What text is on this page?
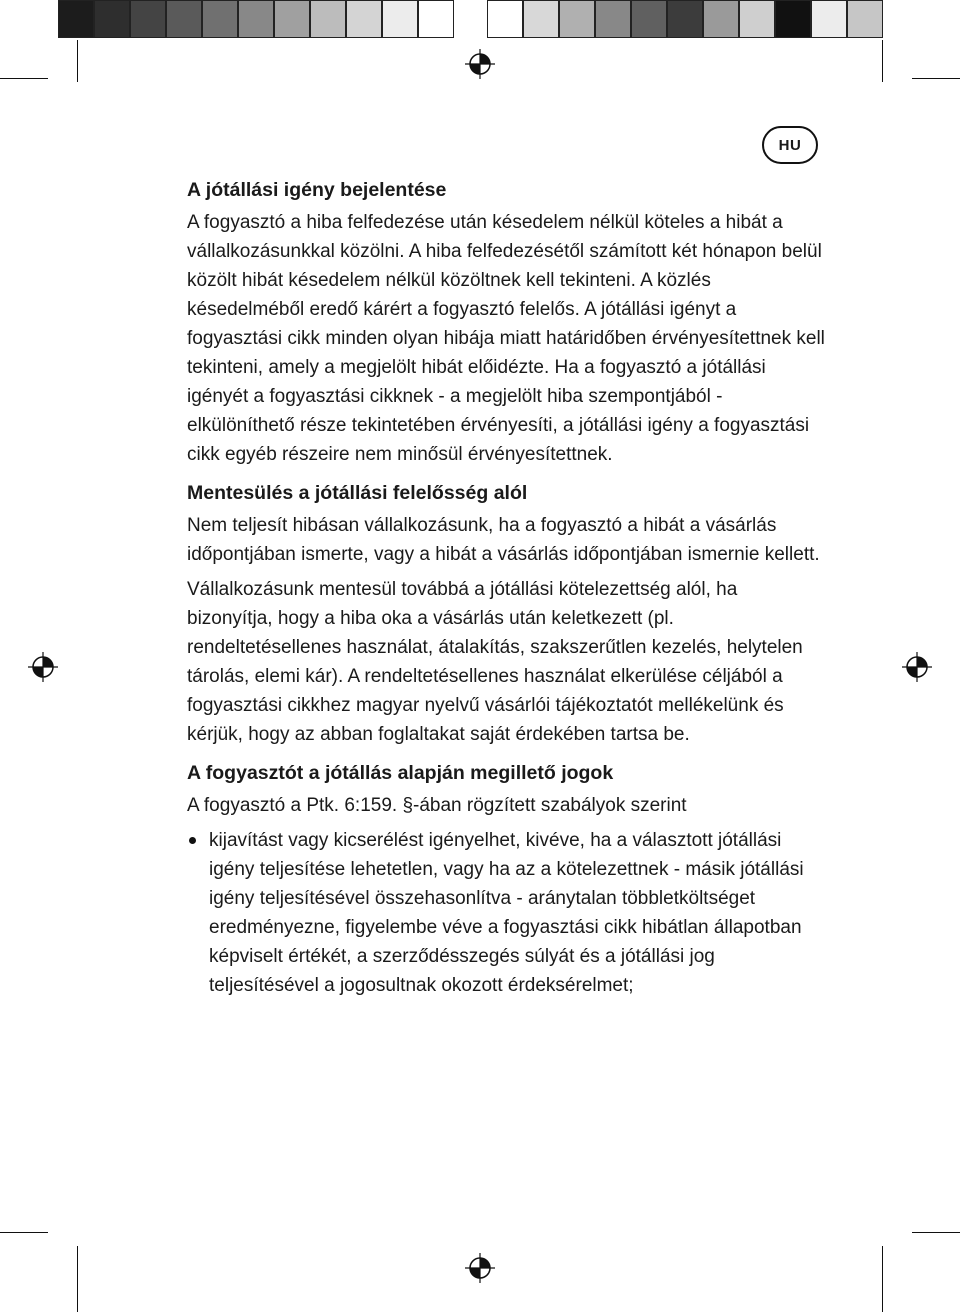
HU
A jótállási igény bejelentése

A fogyasztó a hiba felfedezése után késedelem nélkül köteles a hibát a vállalkozásunkkal közölni. A hiba felfedezésétől számított két hónapon belül közölt hibát késedelem nélkül közöltnek kell tekinteni. A közlés késedelméből eredő kárért a fogyasztó felelős. A jótállási igényt a fogyasztási cikk minden olyan hibája miatt határidőben érvényesítettnek kell tekinteni, amely a megjelölt hibát előidézte. Ha a fogyasztó a jótállási igényét a fogyasztási cikknek - a megjelölt hiba szempontjából - elkülöníthető része tekintetében érvényesíti, a jótállási igény a fogyasztási cikk egyéb részeire nem minősül érvényesítettnek.

Mentesülés a jótállási felelősség alól

Nem teljesít hibásan vállalkozásunk, ha a fogyasztó a hibát a vásárlás időpontjában ismerte, vagy a hibát a vásárlás időpontjában ismernie kellett.

Vállalkozásunk mentesül továbbá a jótállási kötelezettség alól, ha bizonyítja, hogy a hiba oka a vásárlás után keletkezett (pl. rendeltetésellenes használat, átalakítás, szakszerűtlen kezelés, helytelen tárolás, elemi kár). A rendeltetésellenes használat elkerülése céljából a fogyasztási cikkhez magyar nyelvű vásárlói tájékoztatót mellékelünk és kérjük, hogy az abban foglaltakat saját érdekében tartsa be.

A fogyasztót a jótállás alapján megillető jogok

A fogyasztó a Ptk. 6:159. §-ában rögzített szabályok szerint

kijavítást vagy kicserélést igényelhet, kivéve, ha a választott jótállási igény teljesítése lehetetlen, vagy ha az a kötelezettnek - másik jótállási igény teljesítésével összehasonlítva - aránytalan többletköltséget eredményezne, figyelembe véve a fogyasztási cikk hibátlan állapotban képviselt értékét, a szerződésszegés súlyát és a jótállási jog teljesítésével a jogosultnak okozott érdeksérelmet;
